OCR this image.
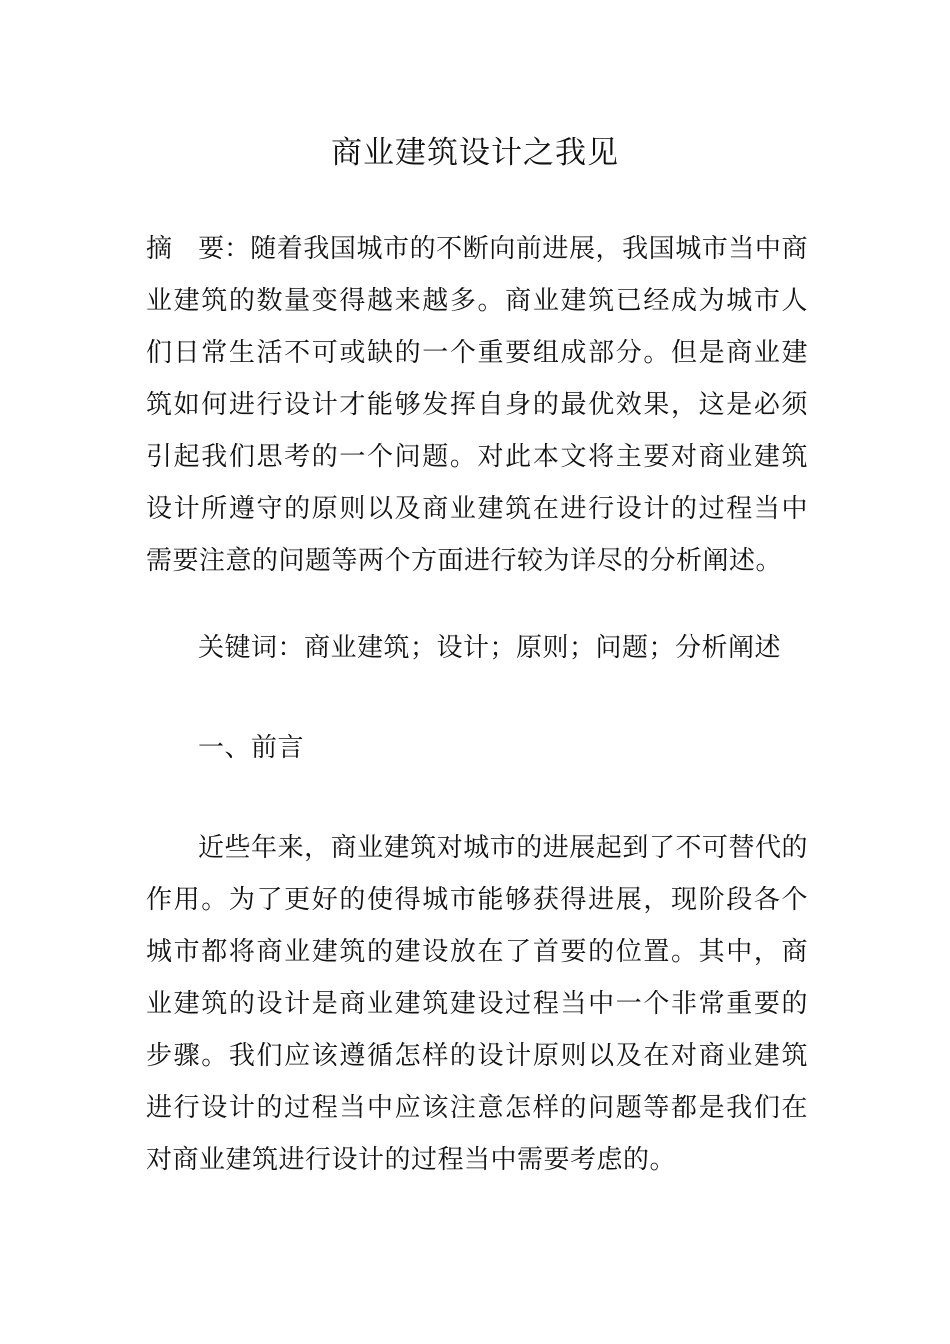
商业建筑设计之我见

摘　要：随着我国城市的不断向前进展，我国城市当中商业建筑的数量变得越来越多。商业建筑已经成为城市人们日常生活不可或缺的一个重要组成部分。但是商业建筑如何进行设计才能够发挥自身的最优效果，这是必须引起我们思考的一个问题。对此本文将主要对商业建筑设计所遵守的原则以及商业建筑在进行设计的过程当中需要注意的问题等两个方面进行较为详尽的分析阐述。

关键词：商业建筑；设计；原则；问题；分析阐述

一、前言

近些年来，商业建筑对城市的进展起到了不可替代的作用。为了更好的使得城市能够获得进展，现阶段各个城市都将商业建筑的建设放在了首要的位置。其中，商业建筑的设计是商业建筑建设过程当中一个非常重要的步骤。我们应该遵循怎样的设计原则以及在对商业建筑进行设计的过程当中应该注意怎样的问题等都是我们在对商业建筑进行设计的过程当中需要考虑的。
